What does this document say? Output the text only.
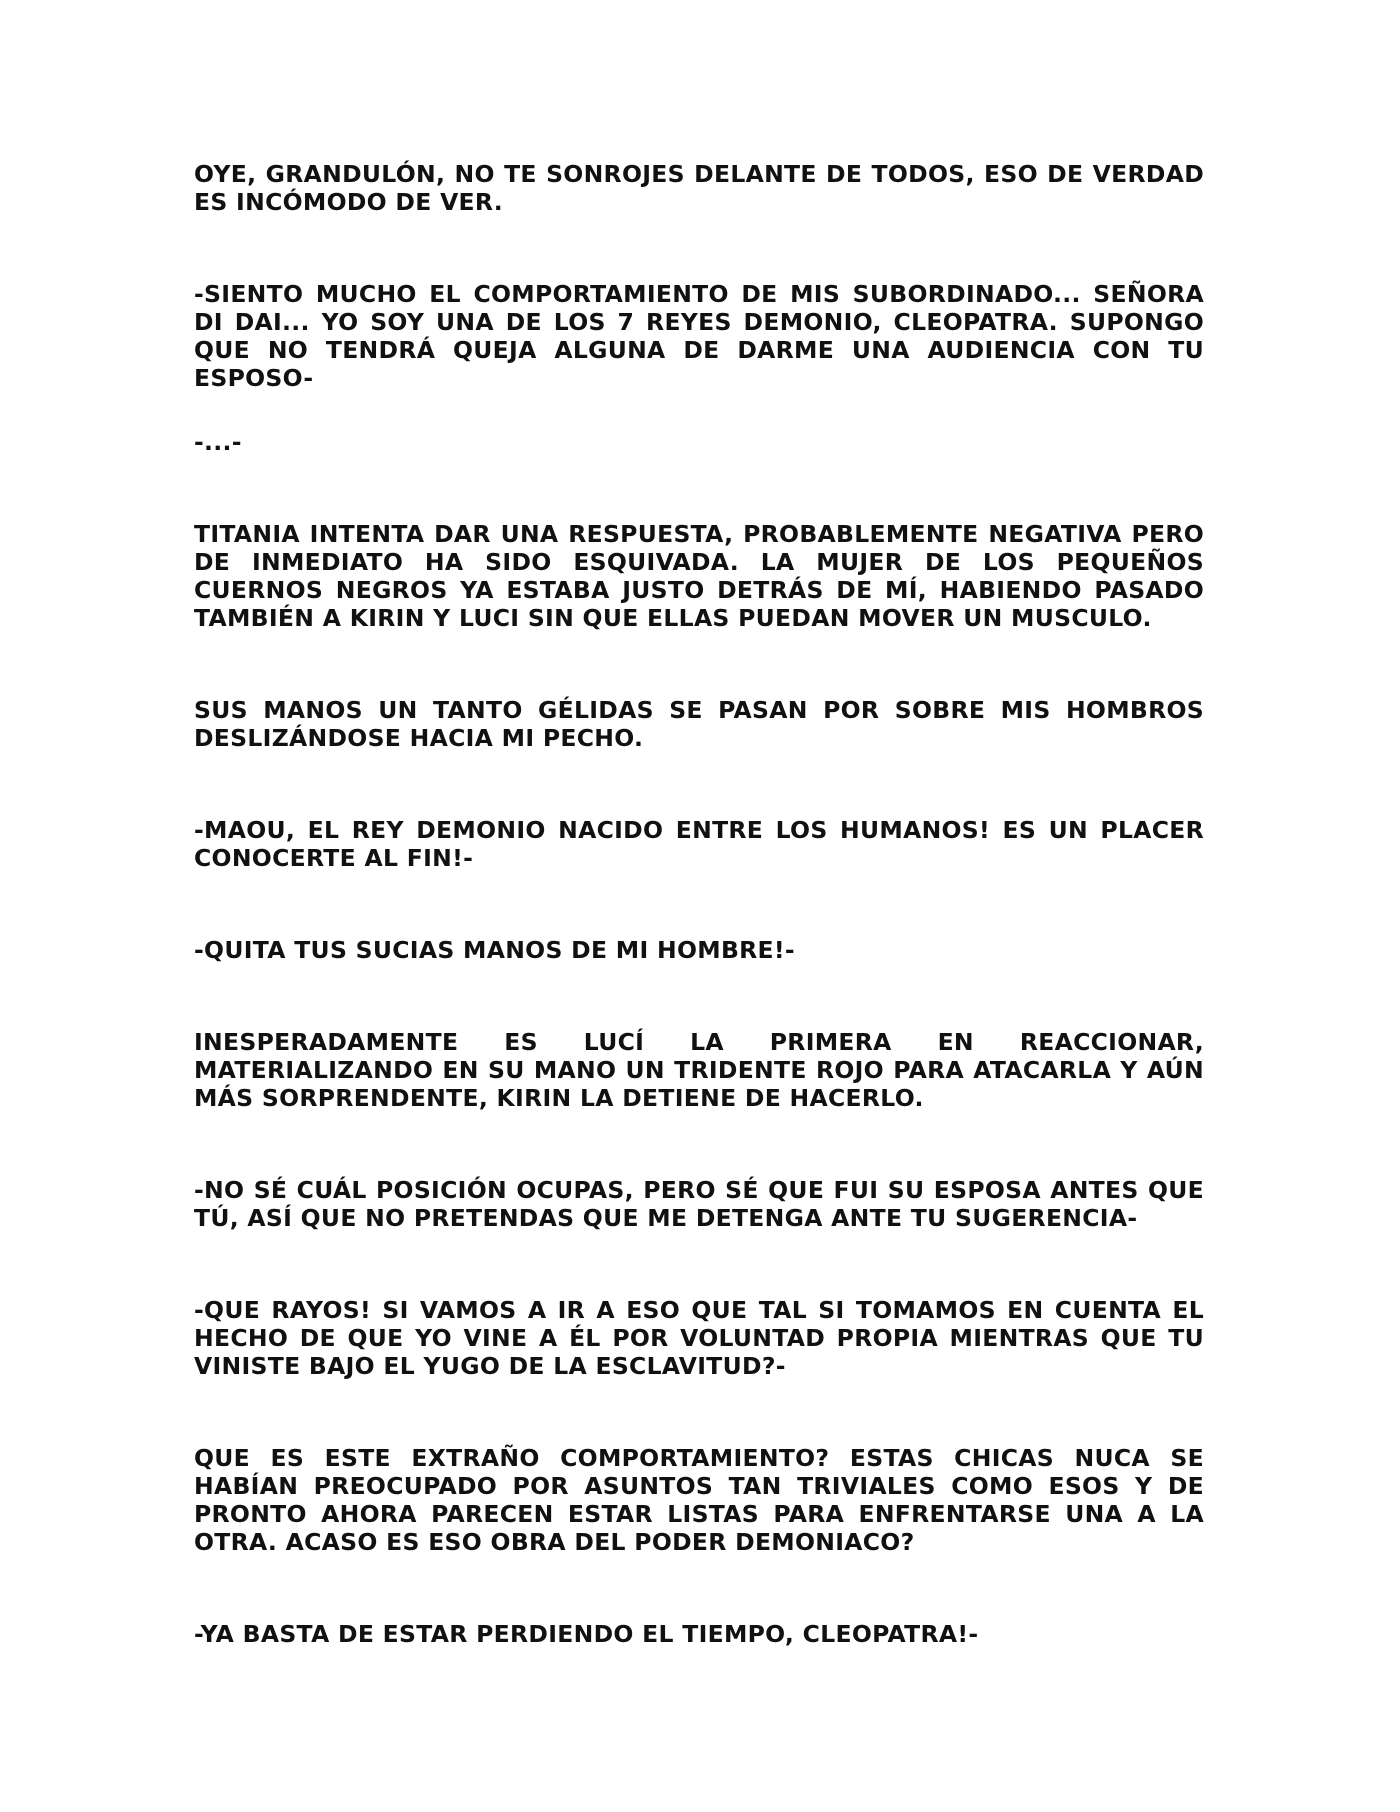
OYE, GRANDULÓN, NO TE SONROJES DELANTE DE TODOS, ESO DE VERDAD ES INCÓMODO DE VER.

-SIENTO MUCHO EL COMPORTAMIENTO DE MIS SUBORDINADO... SEÑORA DI DAI... YO SOY UNA DE LOS 7 REYES DEMONIO, CLEOPATRA. SUPONGO QUE NO TENDRÁ QUEJA ALGUNA DE DARME UNA AUDIENCIA CON TU ESPOSO-

-...-

TITANIA INTENTA DAR UNA RESPUESTA, PROBABLEMENTE NEGATIVA PERO DE INMEDIATO HA SIDO ESQUIVADA. LA MUJER DE LOS PEQUEÑOS CUERNOS NEGROS YA ESTABA JUSTO DETRÁS DE MÍ, HABIENDO PASADO TAMBIÉN A KIRIN Y LUCI SIN QUE ELLAS PUEDAN MOVER UN MUSCULO.

SUS MANOS UN TANTO GÉLIDAS SE PASAN POR SOBRE MIS HOMBROS DESLIZÁNDOSE HACIA MI PECHO.

-MAOU, EL REY DEMONIO NACIDO ENTRE LOS HUMANOS! ES UN PLACER CONOCERTE AL FIN!-

-QUITA TUS SUCIAS MANOS DE MI HOMBRE!-

INESPERADAMENTE ES LUCÍ LA PRIMERA EN REACCIONAR, MATERIALIZANDO EN SU MANO UN TRIDENTE ROJO PARA ATACARLA Y AÚN MÁS SORPRENDENTE, KIRIN LA DETIENE DE HACERLO.

-NO SÉ CUÁL POSICIÓN OCUPAS, PERO SÉ QUE FUI SU ESPOSA ANTES QUE TÚ, ASÍ QUE NO PRETENDAS QUE ME DETENGA ANTE TU SUGERENCIA-

-QUE RAYOS! SI VAMOS A IR A ESO QUE TAL SI TOMAMOS EN CUENTA EL HECHO DE QUE YO VINE A ÉL POR VOLUNTAD PROPIA MIENTRAS QUE TU VINISTE BAJO EL YUGO DE LA ESCLAVITUD?-

QUE ES ESTE EXTRAÑO COMPORTAMIENTO? ESTAS CHICAS NUCA SE HABÍAN PREOCUPADO POR ASUNTOS TAN TRIVIALES COMO ESOS Y DE PRONTO AHORA PARECEN ESTAR LISTAS PARA ENFRENTARSE UNA A LA OTRA. ACASO ES ESO OBRA DEL PODER DEMONIACO?

-YA BASTA DE ESTAR PERDIENDO EL TIEMPO, CLEOPATRA!-
